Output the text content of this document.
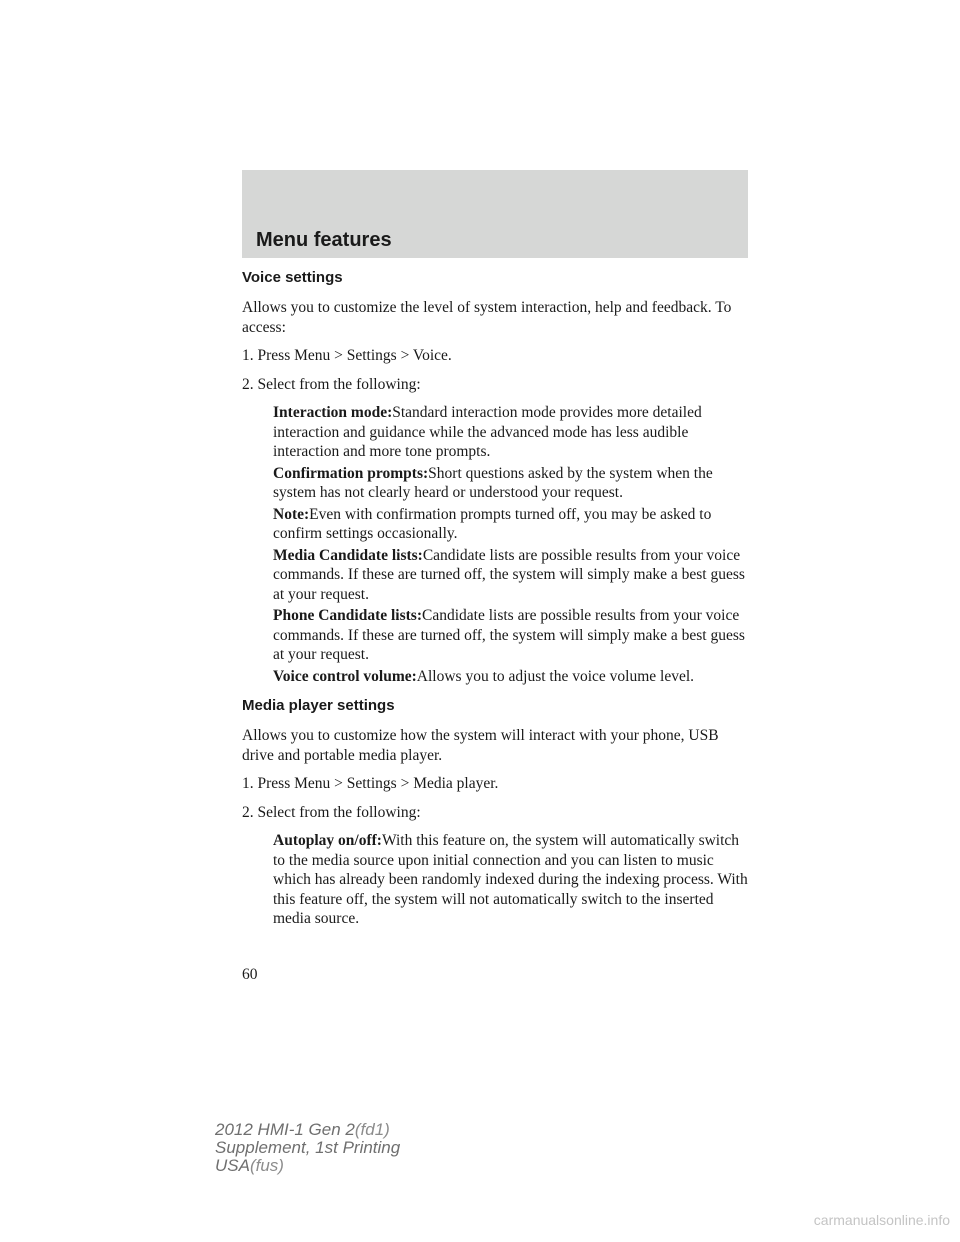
Menu features
Voice settings

Allows you to customize the level of system interaction, help and feedback. To access:

1. Press Menu > Settings > Voice.

2. Select from the following:

Interaction mode:Standard interaction mode provides more detailed interaction and guidance while the advanced mode has less audible interaction and more tone prompts.

Confirmation prompts:Short questions asked by the system when the system has not clearly heard or understood your request.

Note:Even with confirmation prompts turned off, you may be asked to confirm settings occasionally.

Media Candidate lists:Candidate lists are possible results from your voice commands. If these are turned off, the system will simply make a best guess at your request.

Phone Candidate lists:Candidate lists are possible results from your voice commands. If these are turned off, the system will simply make a best guess at your request.

Voice control volume:Allows you to adjust the voice volume level.

Media player settings

Allows you to customize how the system will interact with your phone, USB drive and portable media player.

1. Press Menu > Settings > Media player.

2. Select from the following:

Autoplay on/off:With this feature on, the system will automatically switch to the media source upon initial connection and you can listen to music which has already been randomly indexed during the indexing process. With this feature off, the system will not automatically switch to the inserted media source.

60

2012 HMI-1 Gen 2(fd1)
Supplement, 1st Printing
USA(fus)

carmanualsonline.info
